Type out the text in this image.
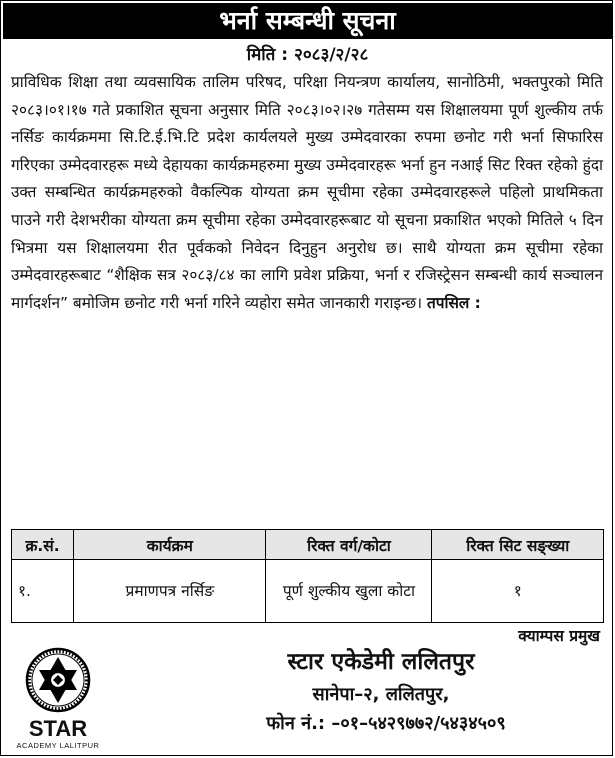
भर्ना सम्बन्धी सूचना
मिति : २०८३/२/२८
प्राविधिक शिक्षा तथा व्यवसायिक तालिम परिषद, परिक्षा नियन्त्रण कार्यालय, सानोठिमी, भक्तपुरको मिति २०८३।०१।१७ गते प्रकाशित सूचना अनुसार मिति २०८३।०२।२७ गतेसम्म यस शिक्षालयमा पूर्ण शुल्कीय तर्फ नर्सिङ कार्यक्रममा सि.टि.ई.भि.टि प्रदेश कार्यलयले मुख्य उम्मेदवारका रुपमा छनोट गरी भर्ना सिफारिस गरिएका उम्मेदवारहरू मध्ये देहायका कार्यक्रमहरुमा मुख्य उम्मेदवारहरू भर्ना हुन नआई सिट रिक्त रहेको हुंदा उक्त सम्बन्धित कार्यक्रमहरुको वैकल्पिक योग्यता क्रम सूचीमा रहेका उम्मेदवारहरूले पहिलो प्राथमिकता पाउने गरी देशभरीका योग्यता क्रम सूचीमा रहेका उम्मेदवारहरूबाट यो सूचना प्रकाशित भएको मितिले ५ दिन भित्रमा यस शिक्षालयमा रीत पूर्वकको निवेदन दिनुहुन अनुरोध छ। साथै योग्यता क्रम सूचीमा रहेका उम्मेदवारहरूबाट “शैक्षिक सत्र २०८३/८४ का लागि प्रवेश प्रक्रिया, भर्ना र रजिस्ट्रेसन सम्बन्धी कार्य सञ्चालन मार्गदर्शन” बमोजिम छनोट गरी भर्ना गरिने व्यहोरा समेत जानकारी गराइन्छ। तपसिल :
क्र.सं.	कार्यक्रम	रिक्त वर्ग/कोटा	रिक्त सिट सङ्ख्या
१.	प्रमाणपत्र नर्सिङ	पूर्ण शुल्कीय खुला कोटा	१
क्याम्पस प्रमुख
STAR
ACADEMY LALITPUR
स्टार एकेडेमी ललितपुर
सानेपा–२, ललितपुर,
फोन नं.: –०१–५४२९७७२/५४३४५०९
